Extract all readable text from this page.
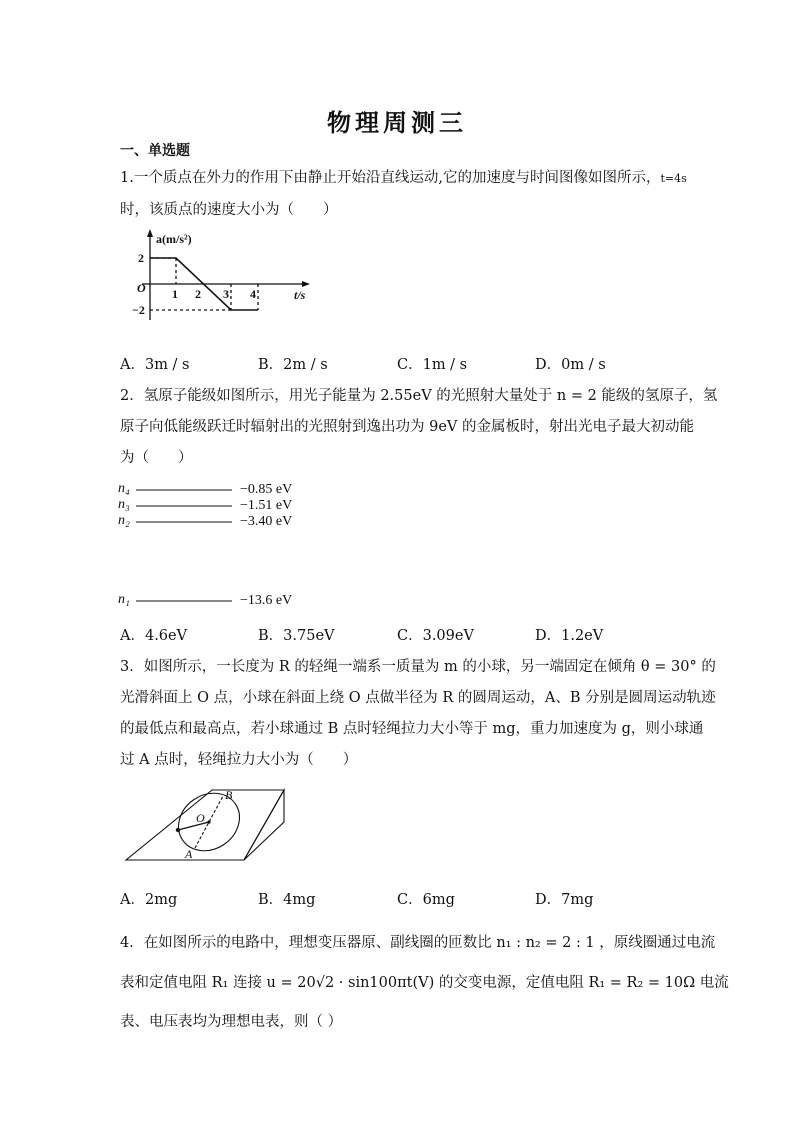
物理周测三
一、单选题
1.一个质点在外力的作用下由静止开始沿直线运动,它的加速度与时间图像如图所示，t=4s
时，该质点的速度大小为（　　）
a(m/s²)
t/s
O
2
−2
1 2 3 4
A．3m / s	B．2m / s	C．1m / s	D．0m / s
2．氢原子能级如图所示，用光子能量为 2.55eV 的光照射大量处于 n = 2 能级的氢原子，氢
原子向低能级跃迁时辐射出的光照射到逸出功为 9eV 的金属板时，射出光电子最大初动能
为（　　）
n₄
n₃
n₂
n₁
−0.85 eV
−1.51 eV
−3.40 eV
−13.6 eV
A．4.6eV	B．3.75eV	C．3.09eV	D．1.2eV
3．如图所示，一长度为 R 的轻绳一端系一质量为 m 的小球，另一端固定在倾角 θ = 30° 的
光滑斜面上 O 点，小球在斜面上绕 O 点做半径为 R 的圆周运动，A、B 分别是圆周运动轨迹
的最低点和最高点，若小球通过 B 点时轻绳拉力大小等于 mg，重力加速度为 g，则小球通
过 A 点时，轻绳拉力大小为（　　）
B
O
A
A．2mg	B．4mg	C．6mg	D．7mg
4．在如图所示的电路中，理想变压器原、副线圈的匝数比 n₁ : n₂ = 2 : 1 ，原线圈通过电流
表和定值电阻 R₁ 连接 u = 20√2 · sin100πt(V) 的交变电源，定值电阻 R₁ = R₂ = 10Ω 电流
表、电压表均为理想电表，则（ ）
